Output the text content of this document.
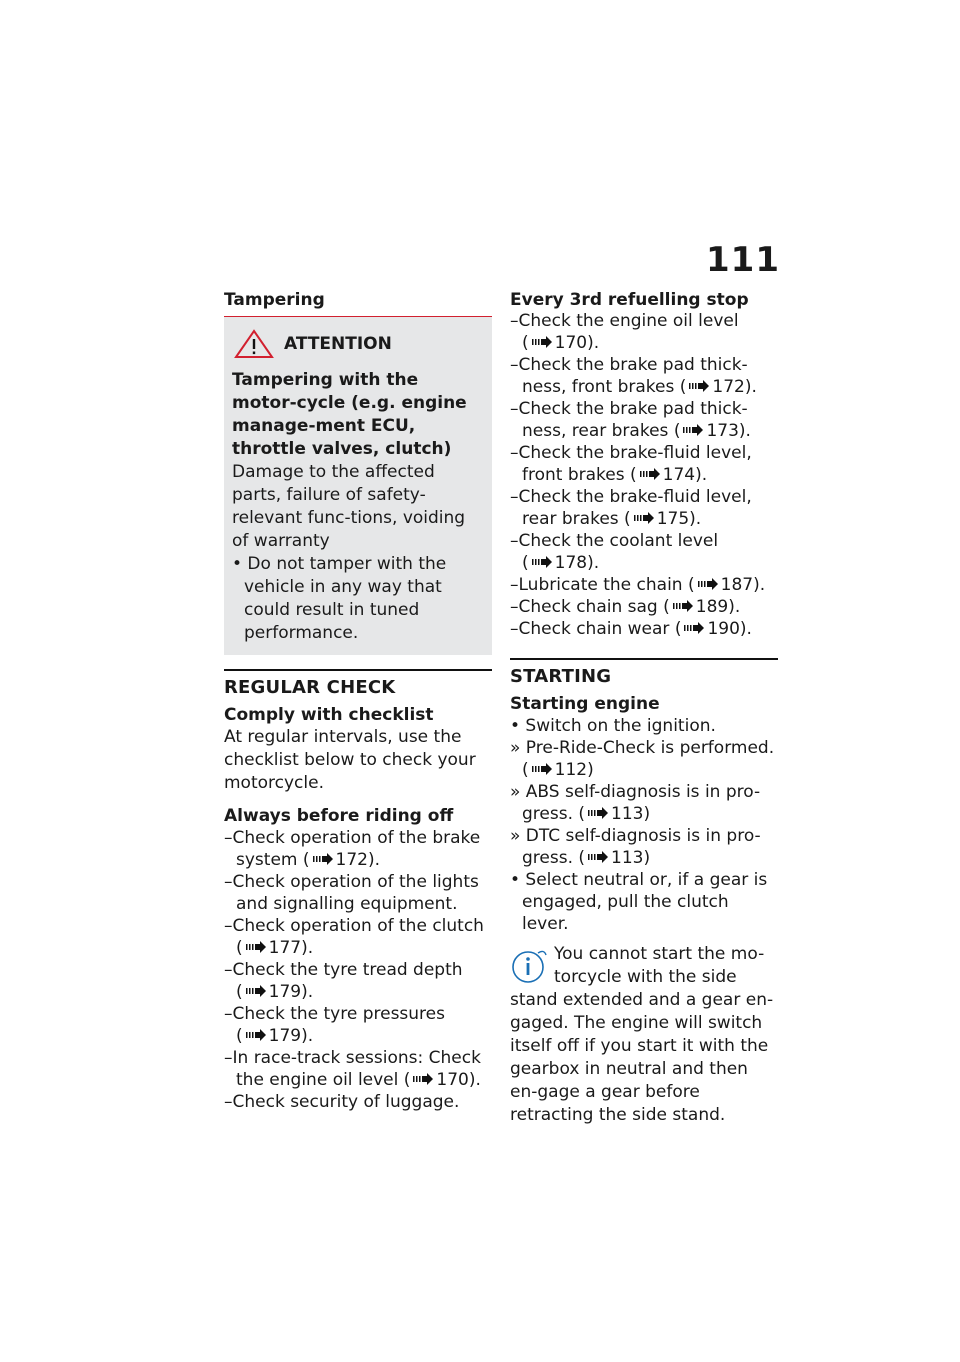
111
Tampering
ATTENTION
Tampering with the motor-cycle (e.g. engine manage-ment ECU, throttle valves, clutch)
Damage to the affected parts, failure of safety-relevant func-tions, voiding of warranty
• Do not tamper with the vehicle in any way that could result in tuned performance.
REGULAR CHECK
Comply with checklist
At regular intervals, use the checklist below to check your motorcycle.
Always before riding off
–Check operation of the brake system ( 172).
–Check operation of the lights and signalling equipment.
–Check operation of the clutch ( 177).
–Check the tyre tread depth ( 179).
–Check the tyre pressures ( 179).
–In race-track sessions: Check the engine oil level ( 170).
–Check security of luggage.
Every 3rd refuelling stop
–Check the engine oil level ( 170).
–Check the brake pad thick-ness, front brakes ( 172).
–Check the brake pad thick-ness, rear brakes ( 173).
–Check the brake-fluid level, front brakes ( 174).
–Check the brake-fluid level, rear brakes ( 175).
–Check the coolant level ( 178).
–Lubricate the chain ( 187).
–Check chain sag ( 189).
–Check chain wear ( 190).
STARTING
Starting engine
• Switch on the ignition.
» Pre-Ride-Check is performed. ( 112)
» ABS self-diagnosis is in pro-gress. ( 113)
» DTC self-diagnosis is in pro-gress. ( 113)
• Select neutral or, if a gear is engaged, pull the clutch lever.
You cannot start the mo-torcycle with the side stand extended and a gear en-gaged. The engine will switch itself off if you start it with the gearbox in neutral and then en-gage a gear before retracting the side stand.
